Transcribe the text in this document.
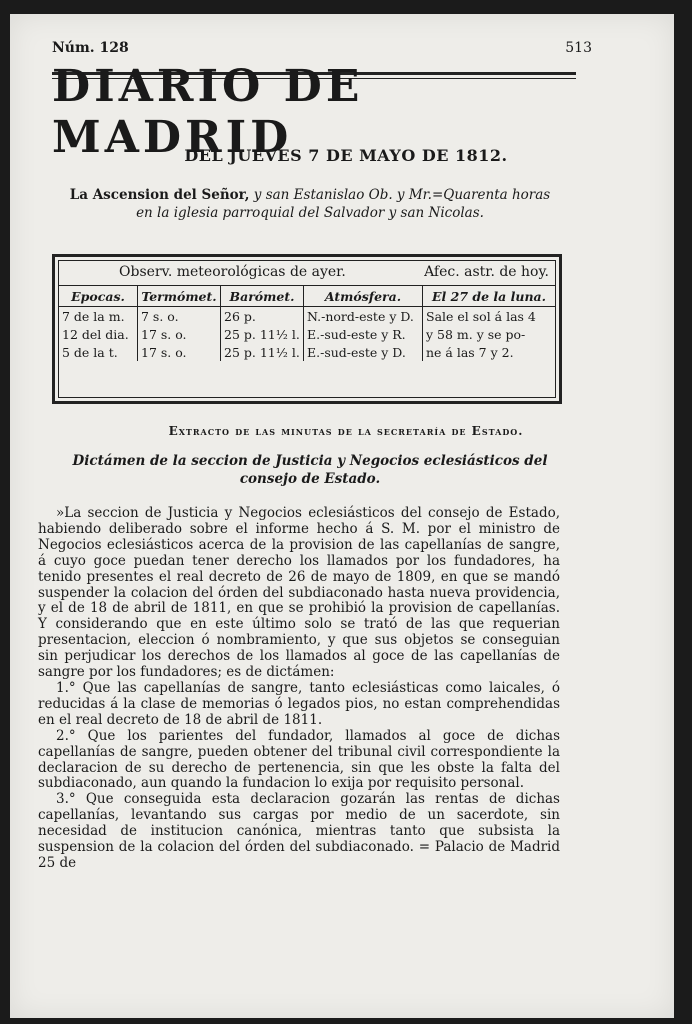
Núm. 128	513
DIARIO DE MADRID
DEL JUÉVES 7 DE MAYO DE 1812.
La Ascension del Señor, y san Estanislao Ob. y Mr.=Quarenta horas en la iglesia parroquial del Salvador y san Nicolas.
Observ. meteorológicas de ayer.	Afec. astr. de hoy.
Epocas.	Termómet.	Barómet.	Atmósfera.	El 27 de la luna.
7 de la m.	7 s. o.	26 p.	N.-nord-este y D.	Sale el sol á las 4
12 del dia.	17 s. o.	25 p. 11½ l.	E.-sud-este y R.	y 58 m. y se po-
5 de la t.	17 s. o.	25 p. 11½ l.	E.-sud-este y D.	ne á las 7 y 2.
Extracto de las minutas de la secretaría de Estado.
Dictámen de la seccion de Justicia y Negocios eclesiásticos del consejo de Estado.

»La seccion de Justicia y Negocios eclesiásticos del consejo de Estado, habiendo deliberado sobre el informe hecho á S. M. por el ministro de Negocios eclesiásticos acerca de la provision de las capellanías de sangre, á cuyo goce puedan tener derecho los llamados por los fundadores, ha tenido presentes el real decreto de 26 de mayo de 1809, en que se mandó suspender la colacion del órden del subdiaconado hasta nueva providencia, y el de 18 de abril de 1811, en que se prohibió la provision de capellanías. Y considerando que en este último solo se trató de las que requerian presentacion, eleccion ó nombramiento, y que sus objetos se conseguian sin perjudicar los derechos de los llamados al goce de las capellanías de sangre por los fundadores; es de dictámen:

1.° Que las capellanías de sangre, tanto eclesiásticas como laicales, ó reducidas á la clase de memorias ó legados pios, no estan comprehendidas en el real decreto de 18 de abril de 1811.

2.° Que los parientes del fundador, llamados al goce de dichas capellanías de sangre, pueden obtener del tribunal civil correspondiente la declaracion de su derecho de pertenencia, sin que les obste la falta del subdiaconado, aun quando la fundacion lo exija por requisito personal.

3.° Que conseguida esta declaracion gozarán las rentas de dichas capellanías, levantando sus cargas por medio de un sacerdote, sin necesidad de institucion canónica, mientras tanto que subsista la suspension de la colacion del órden del subdiaconado. = Palacio de Madrid 25 de
